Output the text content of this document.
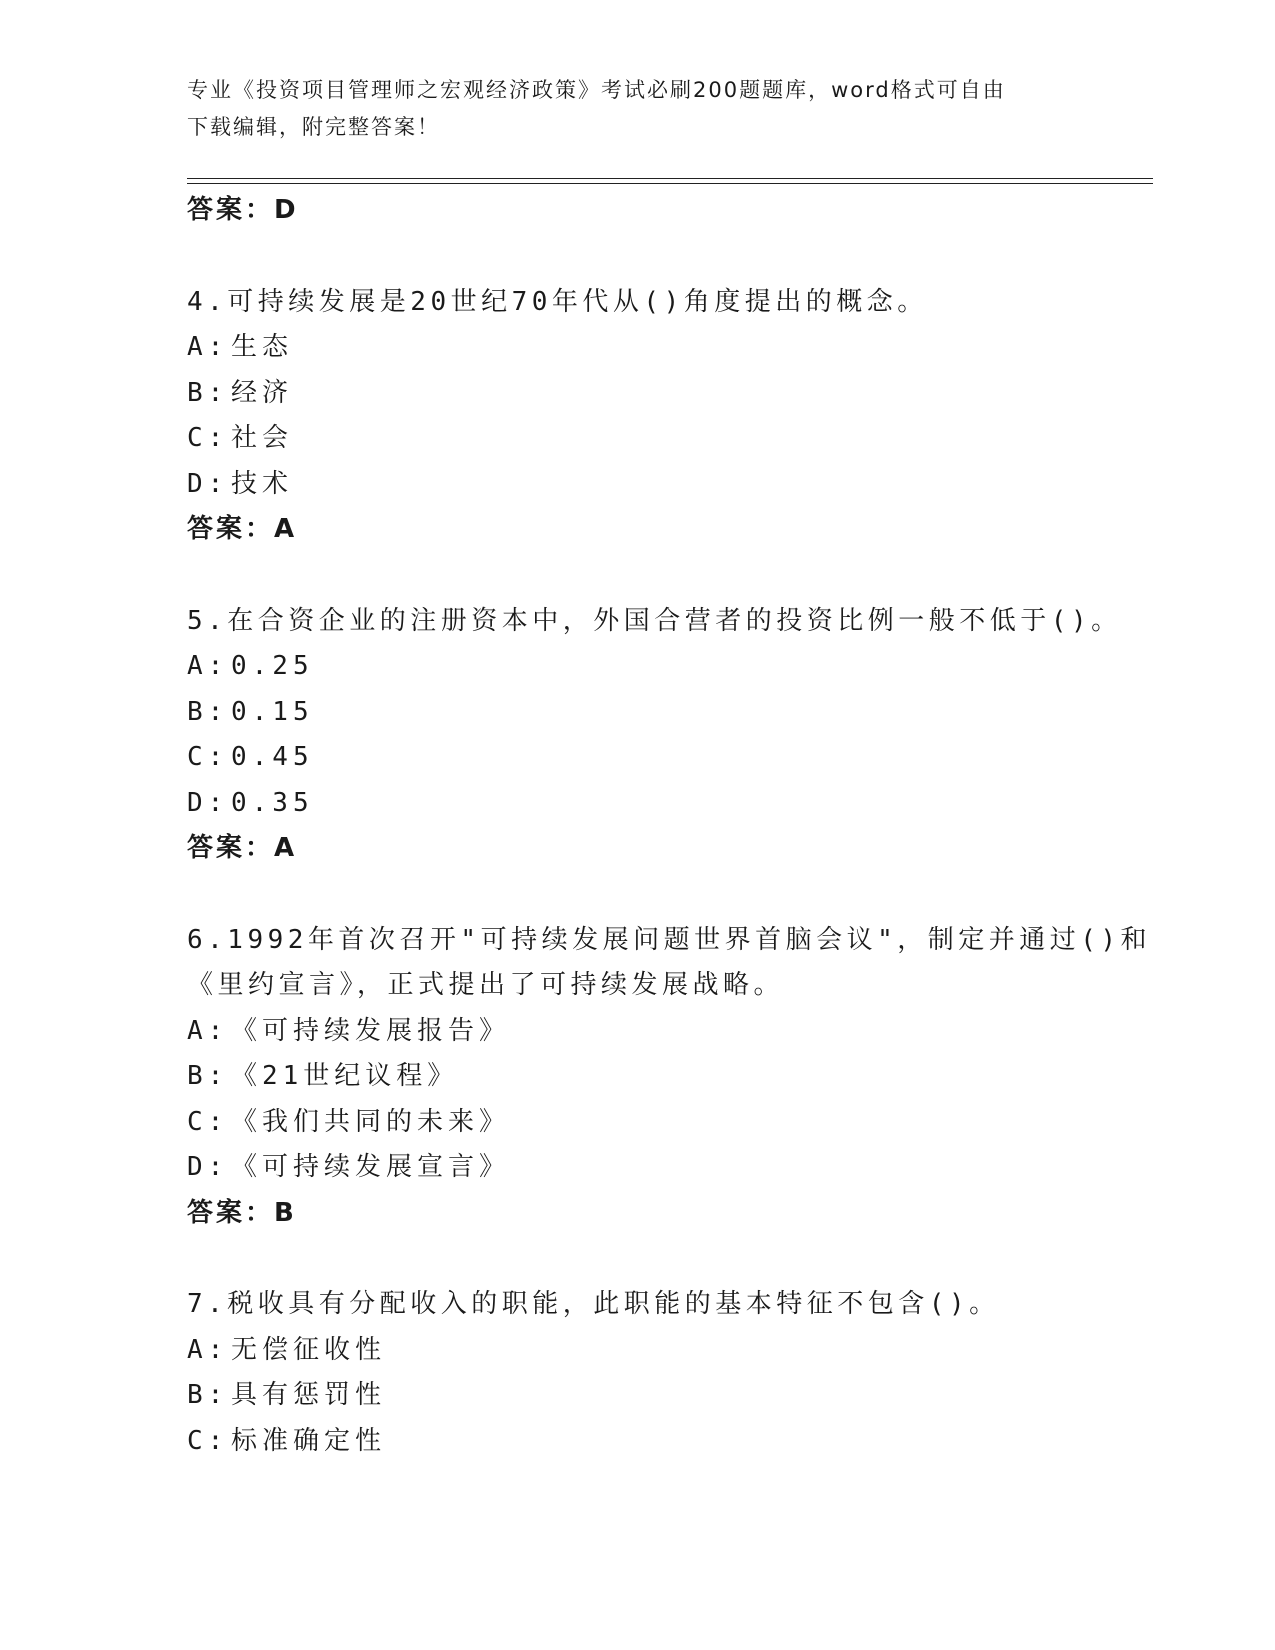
专业《投资项目管理师之宏观经济政策》考试必刷200题题库，word格式可自由
下载编辑，附完整答案！
答案：D
4.可持续发展是20世纪70年代从()角度提出的概念。
A: 生态
B: 经济
C: 社会
D: 技术
答案：A
5.在合资企业的注册资本中，外国合营者的投资比例一般不低于()。
A: 0.25
B: 0.15
C: 0.45
D: 0.35
答案：A
6.1992年首次召开"可持续发展问题世界首脑会议"，制定并通过()和
《里约宣言》，正式提出了可持续发展战略。
A: 《可持续发展报告》
B: 《21世纪议程》
C: 《我们共同的未来》
D: 《可持续发展宣言》
答案：B
7.税收具有分配收入的职能，此职能的基本特征不包含()。
A: 无偿征收性
B: 具有惩罚性
C: 标准确定性
